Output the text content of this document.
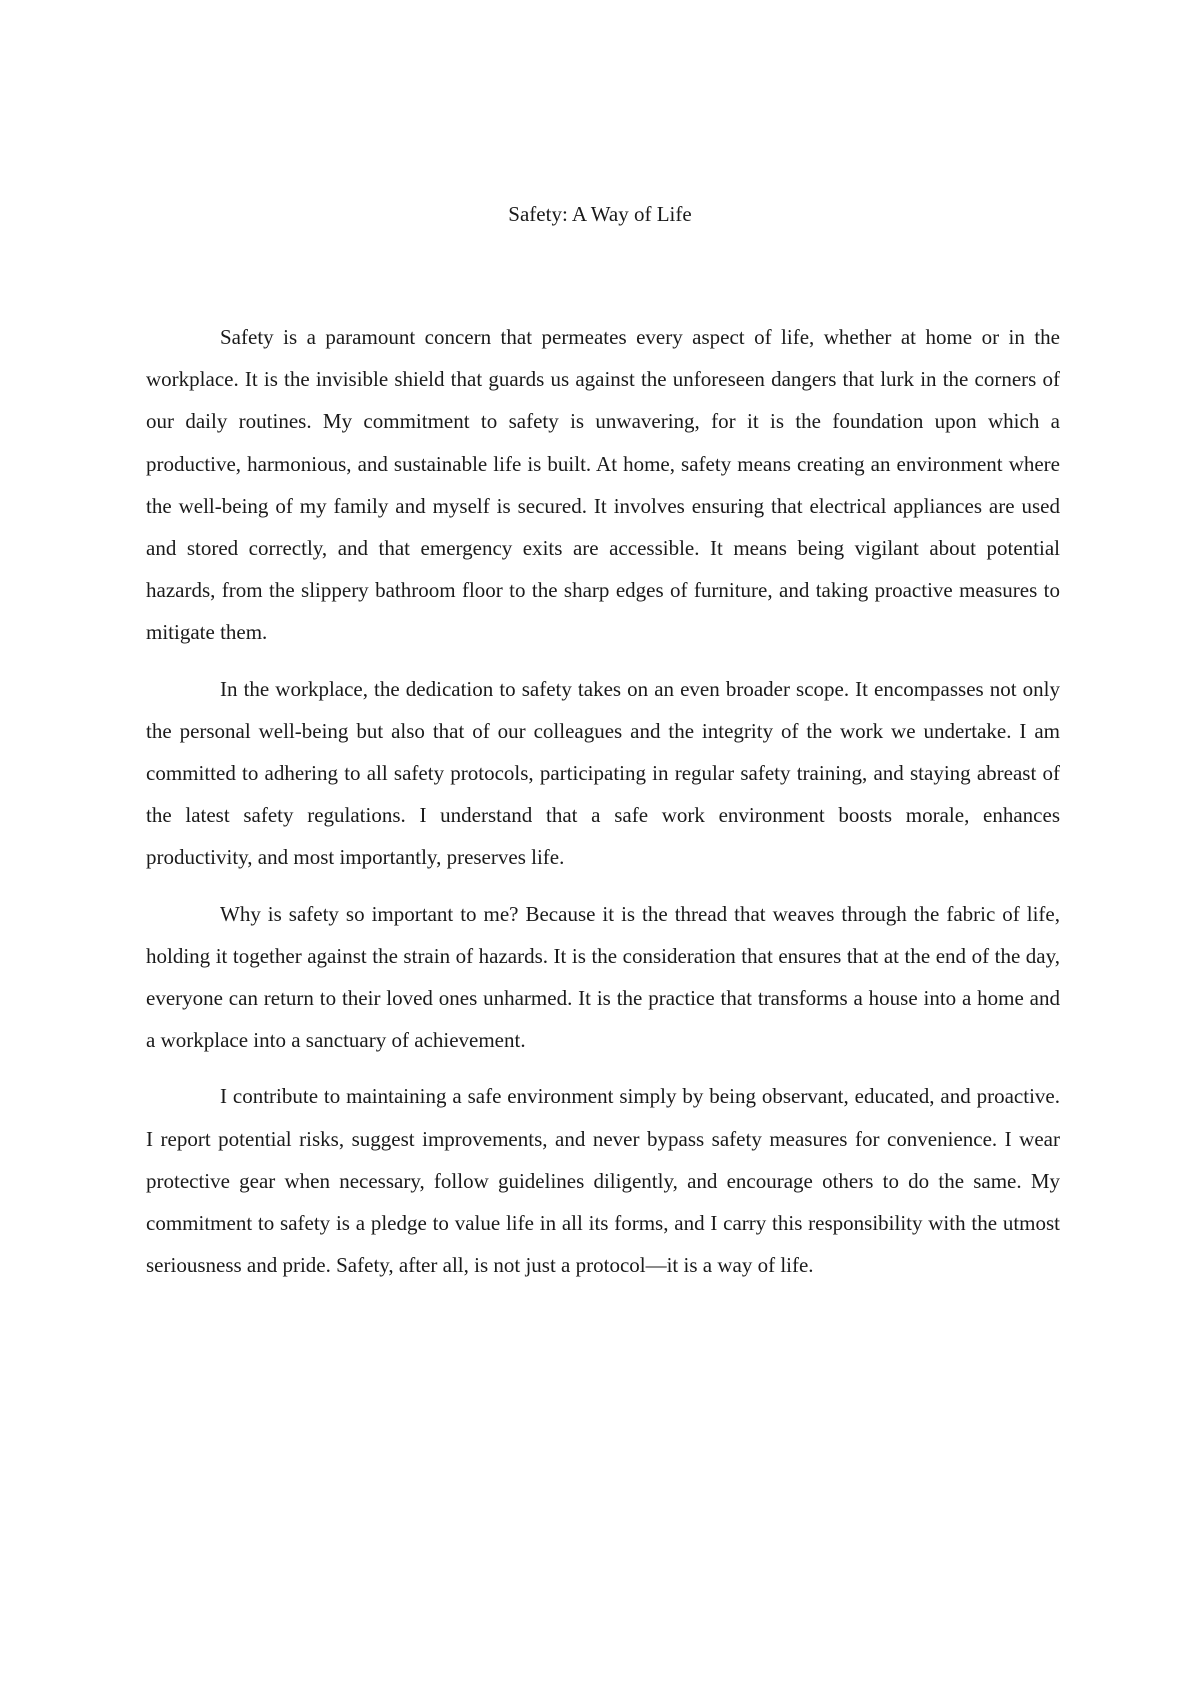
Safety: A Way of Life

Safety is a paramount concern that permeates every aspect of life, whether at home or in the workplace. It is the invisible shield that guards us against the unforeseen dangers that lurk in the corners of our daily routines. My commitment to safety is unwavering, for it is the foundation upon which a productive, harmonious, and sustainable life is built. At home, safety means creating an environment where the well-being of my family and myself is secured. It involves ensuring that electrical appliances are used and stored correctly, and that emergency exits are accessible. It means being vigilant about potential hazards, from the slippery bathroom floor to the sharp edges of furniture, and taking proactive measures to mitigate them.

In the workplace, the dedication to safety takes on an even broader scope. It encompasses not only the personal well-being but also that of our colleagues and the integrity of the work we undertake. I am committed to adhering to all safety protocols, participating in regular safety training, and staying abreast of the latest safety regulations. I understand that a safe work environment boosts morale, enhances productivity, and most importantly, preserves life.

Why is safety so important to me? Because it is the thread that weaves through the fabric of life, holding it together against the strain of hazards. It is the consideration that ensures that at the end of the day, everyone can return to their loved ones unharmed. It is the practice that transforms a house into a home and a workplace into a sanctuary of achievement.

I contribute to maintaining a safe environment simply by being observant, educated, and proactive. I report potential risks, suggest improvements, and never bypass safety measures for convenience. I wear protective gear when necessary, follow guidelines diligently, and encourage others to do the same. My commitment to safety is a pledge to value life in all its forms, and I carry this responsibility with the utmost seriousness and pride. Safety, after all, is not just a protocol—it is a way of life.
